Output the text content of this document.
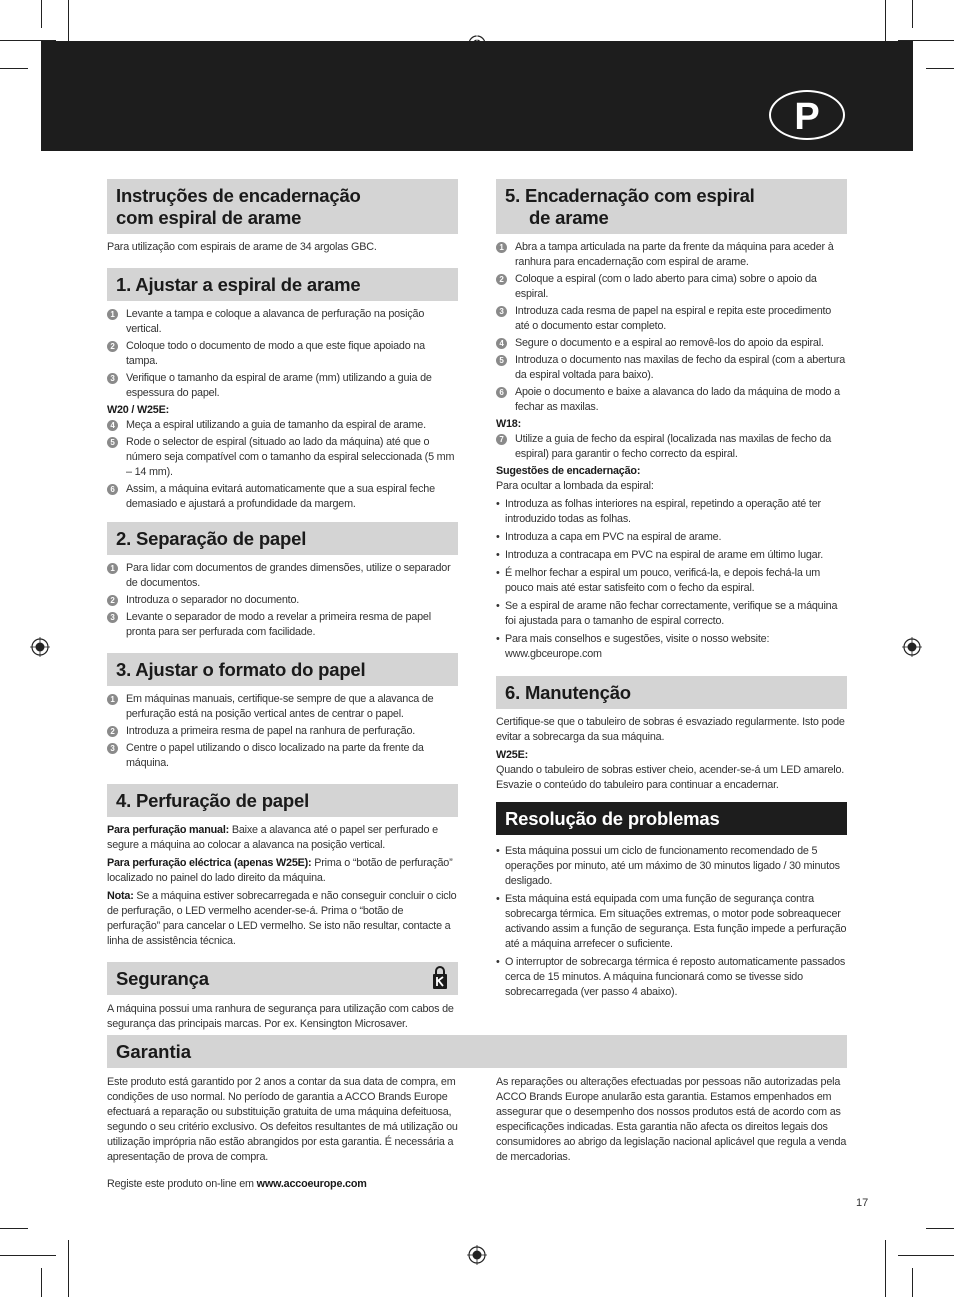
P
Instruções de encadernação
com espiral de arame

Para utilização com espirais de arame de 34 argolas GBC.

1. Ajustar a espiral de arame
1	Levante a tampa e coloque a alavanca de perfuração na posição vertical.
2	Coloque todo o documento de modo a que este fique apoiado na tampa.
3	Verifique o tamanho da espiral de arame (mm) utilizando a guia de espessura do papel.

W20 / W25E:

4	Meça a espiral utilizando a guia de tamanho da espiral de arame.
5	Rode o selector de espiral (situado ao lado da máquina) até que o número seja compatível com o tamanho da espiral seleccionada (5 mm – 14 mm).
6	Assim, a máquina evitará automaticamente que a sua espiral feche demasiado e ajustará a profundidade da margem.
2. Separação de papel
1	Para lidar com documentos de grandes dimensões, utilize o separador de documentos.
2	Introduza o separador no documento.
3	Levante o separador de modo a revelar a primeira resma de papel pronta para ser perfurada com facilidade.
3. Ajustar o formato do papel
1	Em máquinas manuais, certifique-se sempre de que a alavanca de perfuração está na posição vertical antes de centrar o papel.
2	Introduza a primeira resma de papel na ranhura de perfuração.
3	Centre o papel utilizando o disco localizado na parte da frente da máquina.
4. Perfuração de papel

Para perfuração manual: Baixe a alavanca até o papel ser perfurado e segure a máquina ao colocar a alavanca na posição vertical.

Para perfuração eléctrica (apenas W25E): Prima o “botão de perfuração” localizado no painel do lado direito da máquina.

Nota: Se a máquina estiver sobrecarregada e não conseguir concluir o ciclo de perfuração, o LED vermelho acender-se-á. Prima o “botão de perfuração” para cancelar o LED vermelho. Se isto não resultar, contacte a linha de assistência técnica.

Segurança

A máquina possui uma ranhura de segurança para utilização com cabos de segurança das principais marcas. Por ex. Kensington Microsaver.

5. Encadernação com espiral
de arame
1	Abra a tampa articulada na parte da frente da máquina para aceder à ranhura para encadernação com espiral de arame.
2	Coloque a espiral (com o lado aberto para cima) sobre o apoio da espiral.
3	Introduza cada resma de papel na espiral e repita este procedimento até o documento estar completo.
4	Segure o documento e a espiral ao removê-los do apoio da espiral.
5	Introduza o documento nas maxilas de fecho da espiral (com a abertura da espiral voltada para baixo).
6	Apoie o documento e baixe a alavanca do lado da máquina de modo a fechar as maxilas.

W18:

7	Utilize a guia de fecho da espiral (localizada nas maxilas de fecho da espiral) para garantir o fecho correcto da espiral.

Sugestões de encadernação:

Para ocultar a lombada da espiral:

• Introduza as folhas interiores na espiral, repetindo a operação até ter introduzido todas as folhas.
• Introduza a capa em PVC na espiral de arame.
• Introduza a contracapa em PVC na espiral de arame em último lugar.
• É melhor fechar a espiral um pouco, verificá-la, e depois fechá-la um pouco mais até estar satisfeito com o fecho da espiral.
• Se a espiral de arame não fechar correctamente, verifique se a máquina foi ajustada para o tamanho de espiral correcto.
• Para mais conselhos e sugestões, visite o nosso website: www.gbceurope.com
6. Manutenção

Certifique-se que o tabuleiro de sobras é esvaziado regularmente. Isto pode evitar a sobrecarga da sua máquina.

W25E:

Quando o tabuleiro de sobras estiver cheio, acender-se-á um LED amarelo. Esvazie o conteúdo do tabuleiro para continuar a encadernar.

Resolução de problemas
• Esta máquina possui um ciclo de funcionamento recomendado de 5 operações por minuto, até um máximo de 30 minutos ligado / 30 minutos desligado.
• Esta máquina está equipada com uma função de segurança contra sobrecarga térmica. Em situações extremas, o motor pode sobreaquecer activando assim a função de segurança. Esta função impede a perfuração até a máquina arrefecer o suficiente.
• O interruptor de sobrecarga térmica é reposto automaticamente passados cerca de 15 minutos. A máquina funcionará como se tivesse sido sobrecarregada (ver passo 4 abaixo).
Garantia

Este produto está garantido por 2 anos a contar da sua data de compra, em condições de uso normal. No período de garantia a ACCO Brands Europe efectuará a reparação ou substituição gratuita de uma máquina defeituosa, segundo o seu critério exclusivo. Os defeitos resultantes de má utilização ou utilização imprópria não estão abrangidos por esta garantia. É necessária a apresentação de prova de compra.

Registe este produto on-line em www.accoeurope.com

As reparações ou alterações efectuadas por pessoas não autorizadas pela ACCO Brands Europe anularão esta garantia. Estamos empenhados em assegurar que o desempenho dos nossos produtos está de acordo com as especificações indicadas. Esta garantia não afecta os direitos legais dos consumidores ao abrigo da legislação nacional aplicável que regula a venda de mercadorias.

17
